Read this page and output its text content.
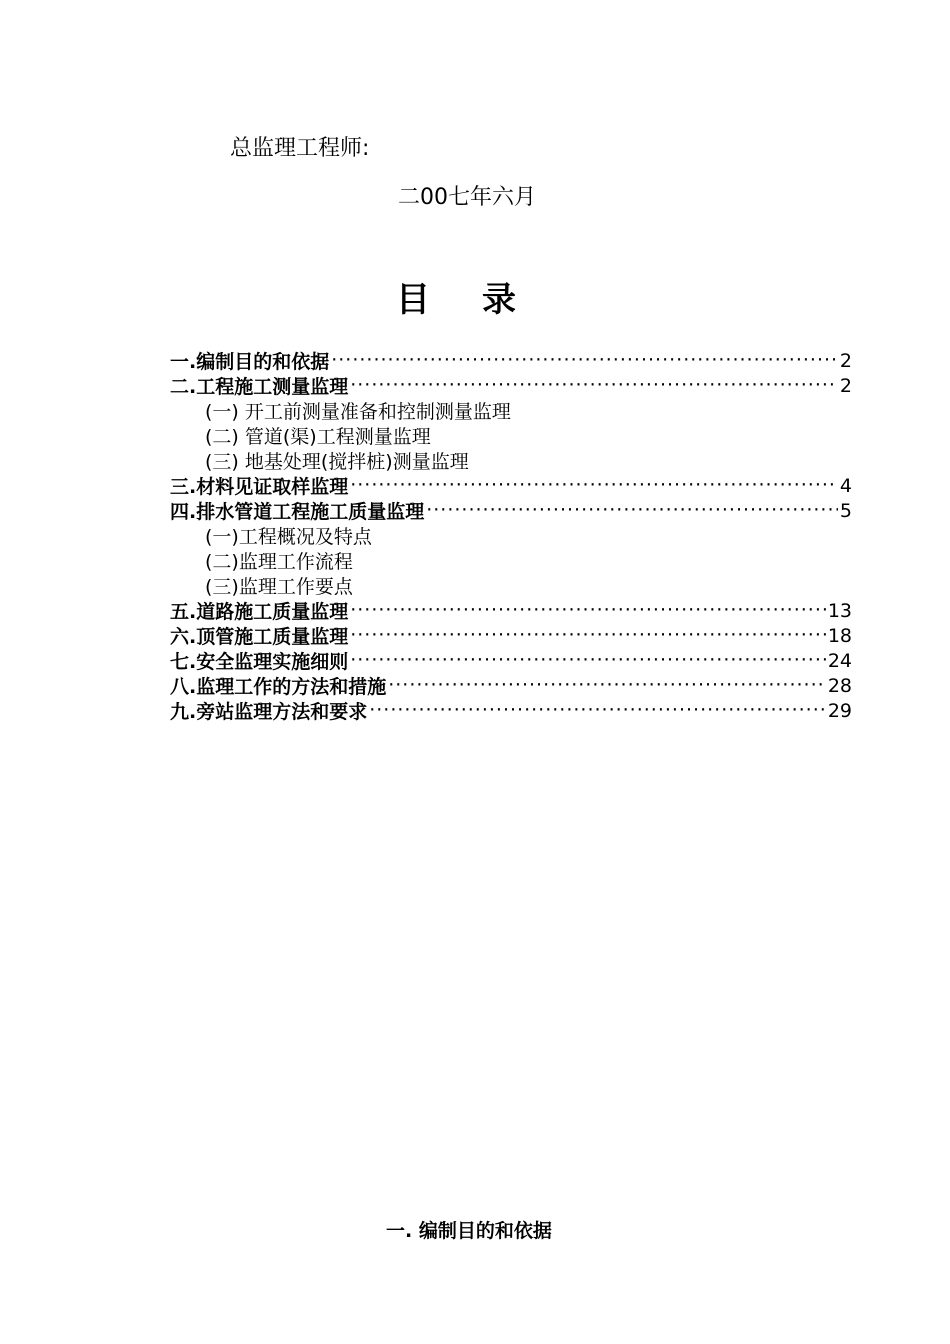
总监理工程师:
二00七年六月
目录
一.编制目的和依据 ·····	2
二.工程施工测量监理 ·····	2
(一) 开工前测量准备和控制测量监理
(二) 管道(渠)工程测量监理
(三) 地基处理(搅拌桩)测量监理
三.材料见证取样监理 ·····	4
四.排水管道工程施工质量监理 ·····	5
(一)工程概况及特点
(二)监理工作流程
(三)监理工作要点
五.道路施工质量监理 ·····	13
六.顶管施工质量监理 ·····	18
七.安全监理实施细则 ·····	24
八.监理工作的方法和措施 ·····	28
九.旁站监理方法和要求 ·····	29
一. 编制目的和依据
